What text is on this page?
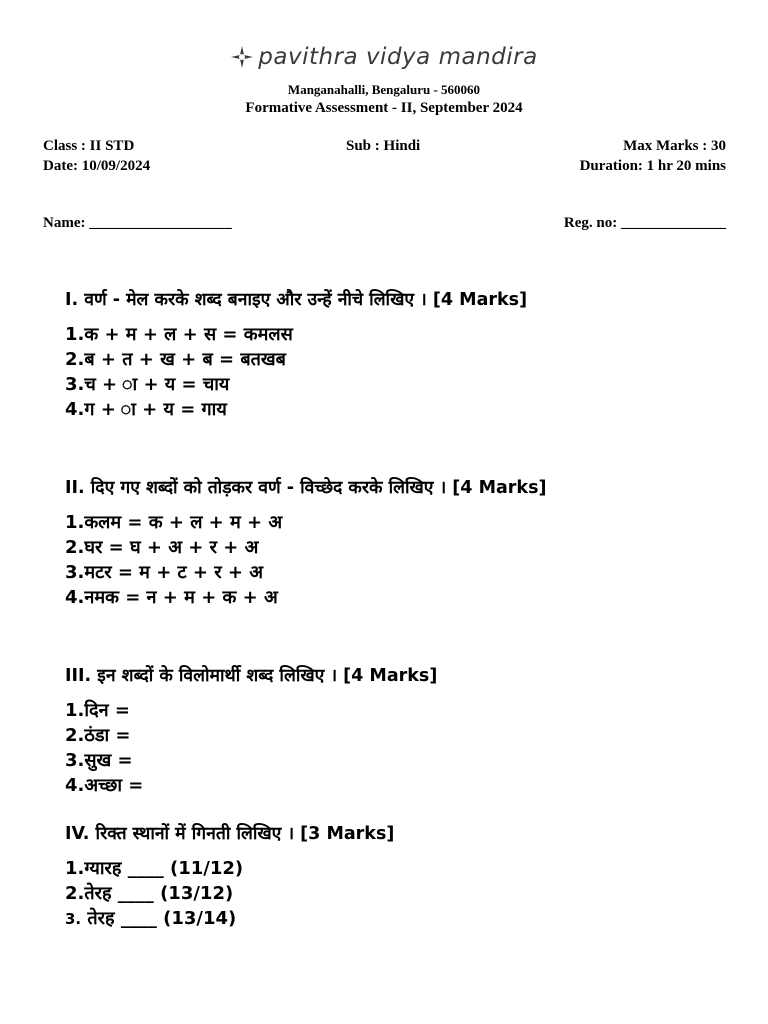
pavithra vidya mandira
Manganahalli, Bengaluru - 560060
Formative Assessment - II, September 2024
Class : II STD
Date: 10/09/2024
Sub : Hindi	Max Marks : 30
Duration: 1 hr 20 mins
Name: ___________________	Reg. no: ______________
I. वर्ण - मेल करके शब्द बनाइए और उन्हें नीचे लिखिए । [4 Marks]
1.क + म + ल + स = कमलस
2.ब + त + ख + ब = बतखब
3.च + ा + य = चाय
4.ग + ा + य = गाय
II. दिए गए शब्दों को तोड़कर वर्ण - विच्छेद करके लिखिए । [4 Marks]
1.कलम = क + ल + म + अ
2.घर = घ + अ + र + अ
3.मटर = म + ट + र + अ
4.नमक = न + म + क + अ
III. इन शब्दों के विलोमार्थी शब्द लिखिए । [4 Marks]
1.दिन =
2.ठंडा =
3.सुख =
4.अच्छा =
IV. रिक्त स्थानों में गिनती लिखिए । [3 Marks]
1.ग्यारह ____ (11/12)
2.तेरह ____ (13/12)
3. तेरह ____ (13/14)
